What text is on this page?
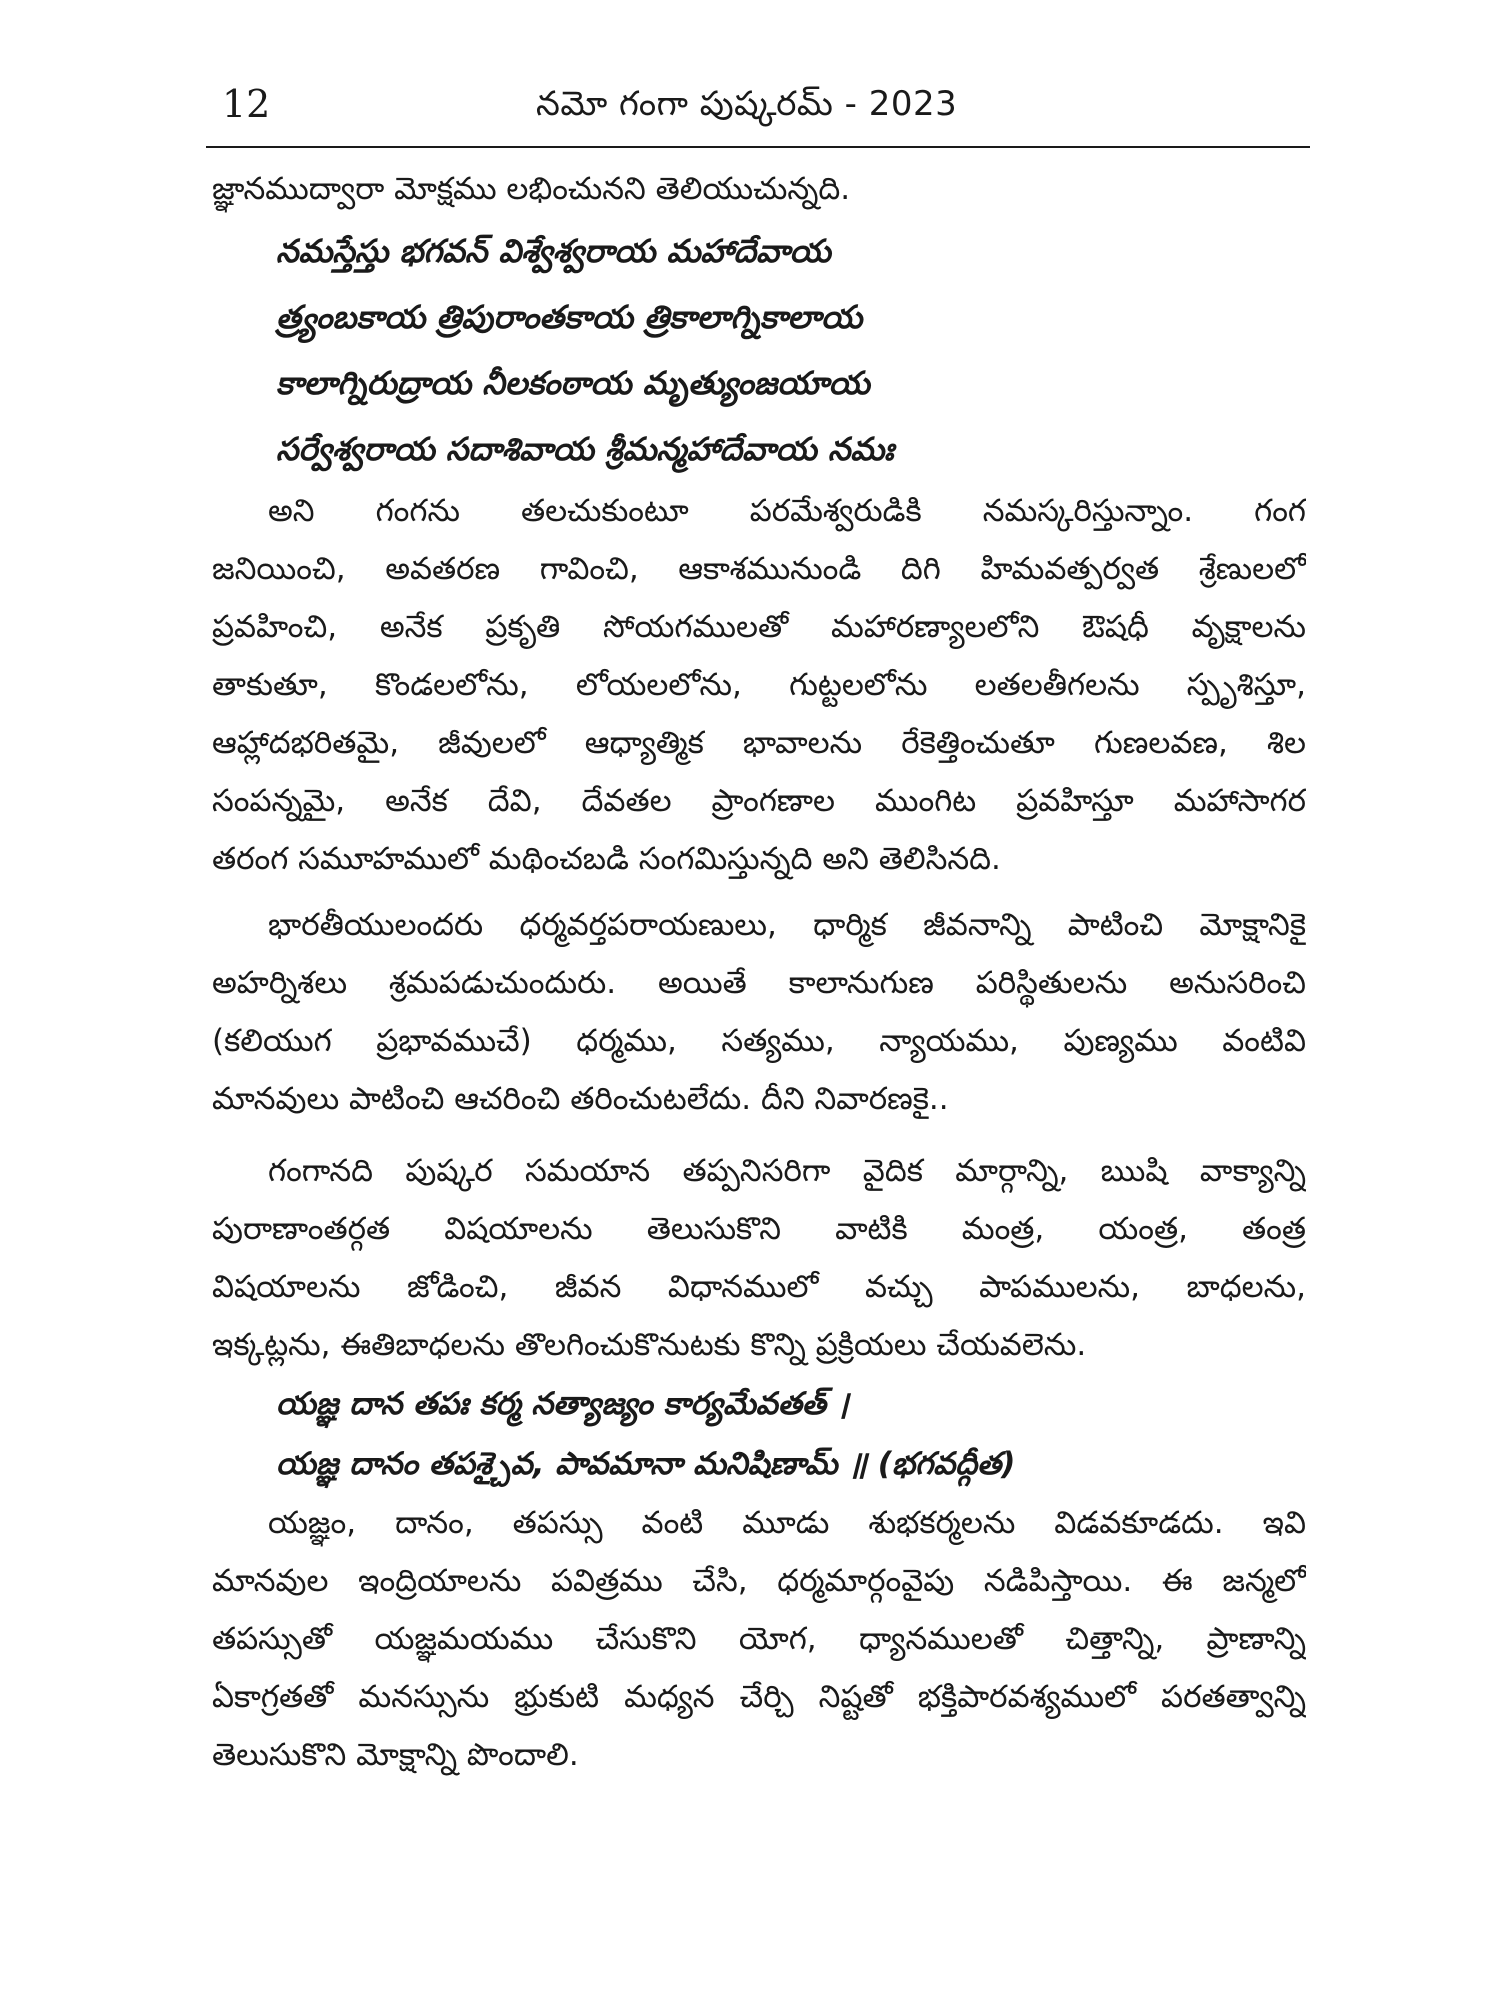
12	నమో గంగా పుష్కరమ్ - 2023
జ్ఞానముద్వారా మోక్షము లభించునని తెలియుచున్నది.
నమస్తేస్తు భగవన్ విశ్వేశ్వరాయ మహాదేవాయ
త్ర్యంబకాయ త్రిపురాంతకాయ త్రికాలాగ్నికాలాయ
కాలాగ్నిరుద్రాయ నీలకంఠాయ మృత్యుంజయాయ
సర్వేశ్వరాయ సదాశివాయ శ్రీమన్మహాదేవాయ నమః
అని గంగను తలచుకుంటూ పరమేశ్వరుడికి నమస్కరిస్తున్నాం. గంగ
జనియించి, అవతరణ గావించి, ఆకాశమునుండి దిగి హిమవత్పర్వత శ్రేణులలో
ప్రవహించి, అనేక ప్రకృతి సోయగములతో మహారణ్యాలలోని ఔషధీ వృక్షాలను
తాకుతూ, కొండలలోను, లోయలలోను, గుట్టలలోను లతలతీగలను స్పృశిస్తూ,
ఆహ్లాదభరితమై, జీవులలో ఆధ్యాత్మిక భావాలను రేకెత్తించుతూ గుణలవణ, శిల
సంపన్నమై, అనేక దేవి, దేవతల ప్రాంగణాల ముంగిట ప్రవహిస్తూ మహాసాగర
తరంగ సమూహములో మథించబడి సంగమిస్తున్నది అని తెలిసినది.
భారతీయులందరు ధర్మవర్తపరాయణులు, ధార్మిక జీవనాన్ని పాటించి మోక్షానికై
అహర్నిశలు శ్రమపడుచుందురు. అయితే కాలానుగుణ పరిస్థితులను అనుసరించి
(కలియుగ ప్రభావముచే) ధర్మము, సత్యము, న్యాయము, పుణ్యము వంటివి
మానవులు పాటించి ఆచరించి తరించుటలేదు. దీని నివారణకై..
గంగానది పుష్కర సమయాన తప్పనిసరిగా వైదిక మార్గాన్ని, ఋషి వాక్యాన్ని
పురాణాంతర్గత విషయాలను తెలుసుకొని వాటికి మంత్ర, యంత్ర, తంత్ర
విషయాలను జోడించి, జీవన విధానములో వచ్చు పాపములను, బాధలను,
ఇక్కట్లను, ఈతిబాధలను తొలగించుకొనుటకు కొన్ని ప్రక్రియలు చేయవలెను.
యజ్ఞ దాన తపః కర్మ నత్యాజ్యం కార్యమేవతత్ ।
యజ్ఞ దానం తపశ్చైవ, పావమానా మనిషిణామ్ ॥ (భగవద్గీత)
యజ్ఞం, దానం, తపస్సు వంటి మూడు శుభకర్మలను విడవకూడదు. ఇవి
మానవుల ఇంద్రియాలను పవిత్రము చేసి, ధర్మమార్గంవైపు నడిపిస్తాయి. ఈ జన్మలో
తపస్సుతో యజ్ఞమయము చేసుకొని యోగ, ధ్యానములతో చిత్తాన్ని, ప్రాణాన్ని
ఏకాగ్రతతో మనస్సును భ్రుకుటి మధ్యన చేర్చి నిష్టతో భక్తిపారవశ్యములో పరతత్వాన్ని
తెలుసుకొని మోక్షాన్ని పొందాలి.
